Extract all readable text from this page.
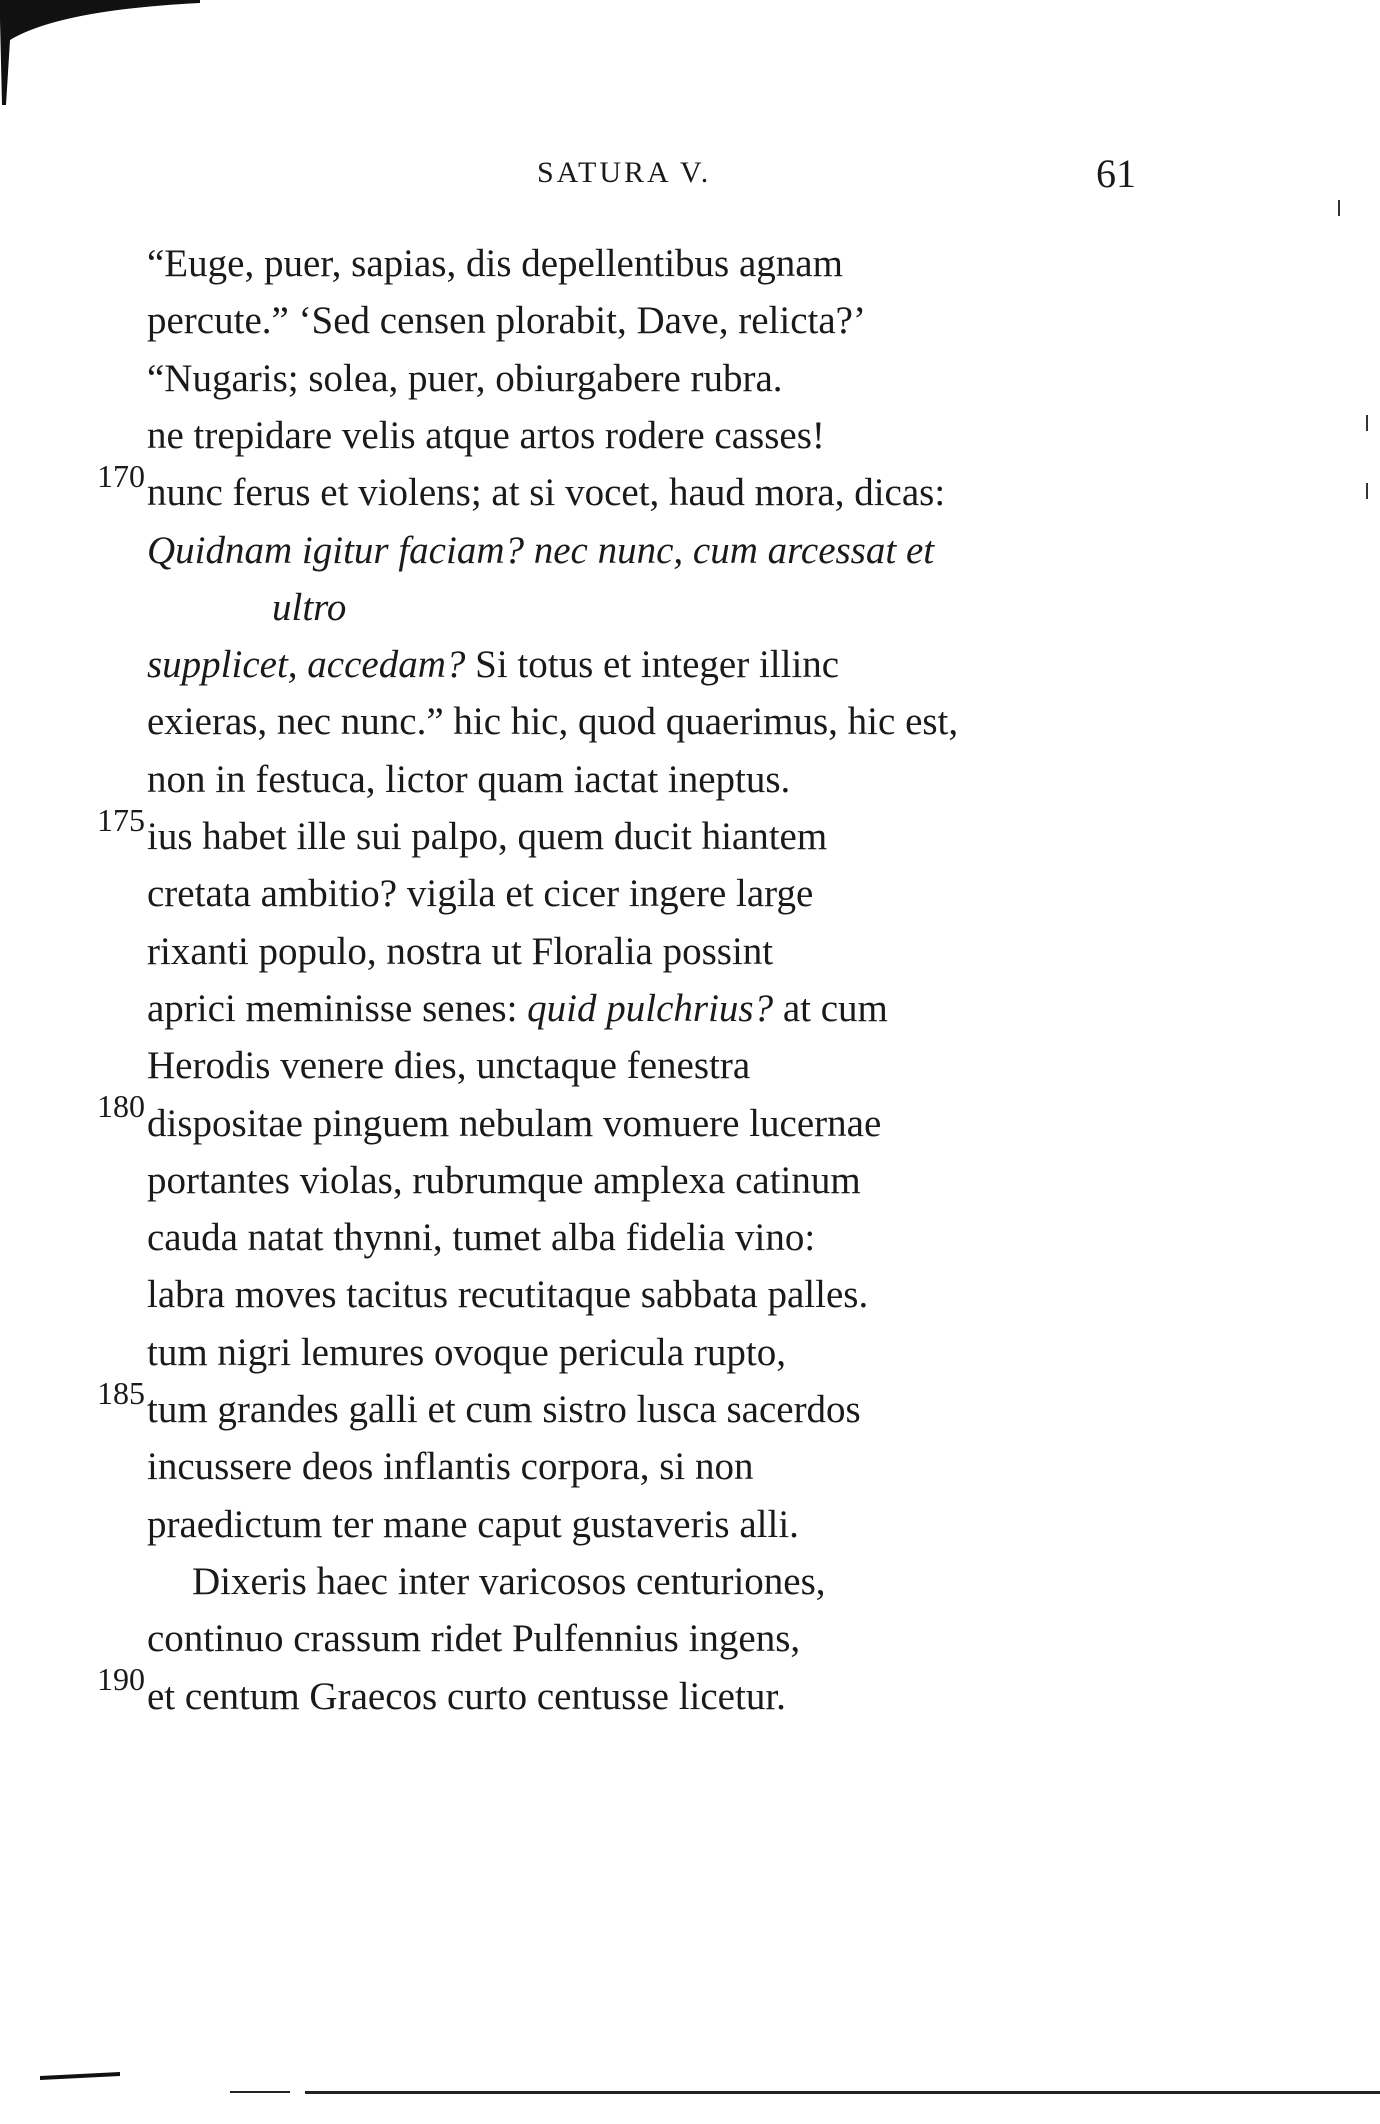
SATURA V.	61
“Euge, puer, sapias, dis depellentibus agnam
percute.” ‘Sed censen plorabit, Dave, relicta?’
“Nugaris; solea, puer, obiurgabere rubra.
170
ne trepidare velis atque artos rodere casses!
nunc ferus et violens; at si vocet, haud mora, dicas:
Quidnam igitur faciam? nec nunc, cum arcessat et
ultro
supplicet, accedam? Si totus et integer illinc
exieras, nec nunc.” hic hic, quod quaerimus, hic est,
175
non in festuca, lictor quam iactat ineptus.
ius habet ille sui palpo, quem ducit hiantem
cretata ambitio? vigila et cicer ingere large
rixanti populo, nostra ut Floralia possint
aprici meminisse senes: quid pulchrius? at cum
180
Herodis venere dies, unctaque fenestra
dispositae pinguem nebulam vomuere lucernae
portantes violas, rubrumque amplexa catinum
cauda natat thynni, tumet alba fidelia vino:
labra moves tacitus recutitaque sabbata palles.
185
tum nigri lemures ovoque pericula rupto,
tum grandes galli et cum sistro lusca sacerdos
incussere deos inflantis corpora, si non
praedictum ter mane caput gustaveris alli.
Dixeris haec inter varicosos centuriones,
190
continuo crassum ridet Pulfennius ingens,
et centum Graecos curto centusse licetur.
